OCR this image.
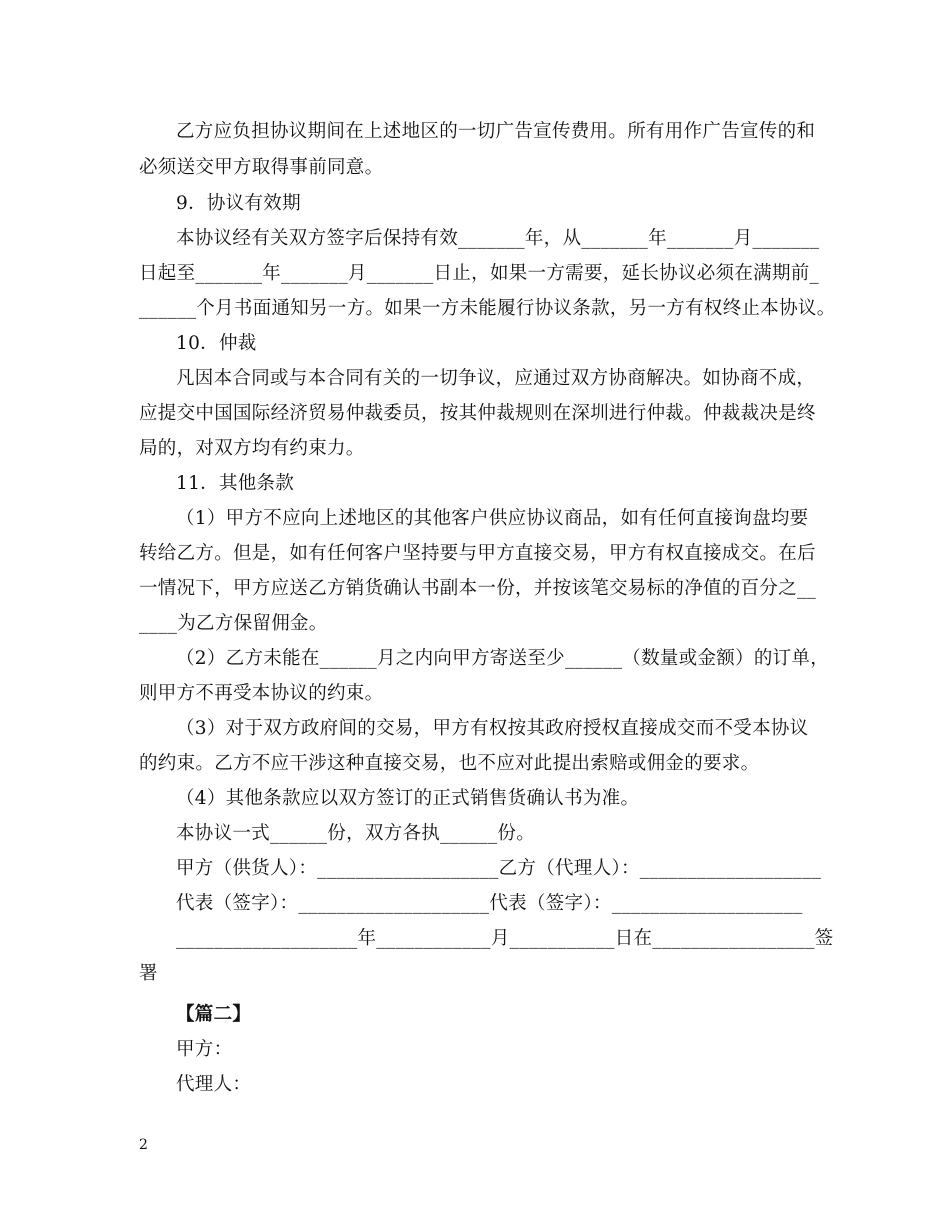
乙方应负担协议期间在上述地区的一切广告宣传费用。所有用作广告宣传的和
必须送交甲方取得事前同意。
9．协议有效期
本协议经有关双方签字后保持有效_______年，从_______年_______月_______
日起至_______年_______月_______日止，如果一方需要，延长协议必须在满期前_
______个月书面通知另一方。如果一方未能履行协议条款，另一方有权终止本协议。
10．仲裁
凡因本合同或与本合同有关的一切争议，应通过双方协商解决。如协商不成，
应提交中国国际经济贸易仲裁委员，按其仲裁规则在深圳进行仲裁。仲裁裁决是终
局的，对双方均有约束力。
11．其他条款
（1）甲方不应向上述地区的其他客户供应协议商品，如有任何直接询盘均要
转给乙方。但是，如有任何客户坚持要与甲方直接交易，甲方有权直接成交。在后
一情况下，甲方应送乙方销货确认书副本一份，并按该笔交易标的净值的百分之__
____为乙方保留佣金。
（2）乙方未能在______月之内向甲方寄送至少______（数量或金额）的订单，
则甲方不再受本协议的约束。
（3）对于双方政府间的交易，甲方有权按其政府授权直接成交而不受本协议
的约束。乙方不应干涉这种直接交易，也不应对此提出索赔或佣金的要求。
（4）其他条款应以双方签订的正式销售货确认书为准。
本协议一式______份，双方各执______份。
甲方（供货人）：___________________乙方（代理人）：___________________
代表（签字）：____________________代表（签字）：____________________
___________________年____________月___________日在_________________签
署
【篇二】
甲方：
代理人：
2
